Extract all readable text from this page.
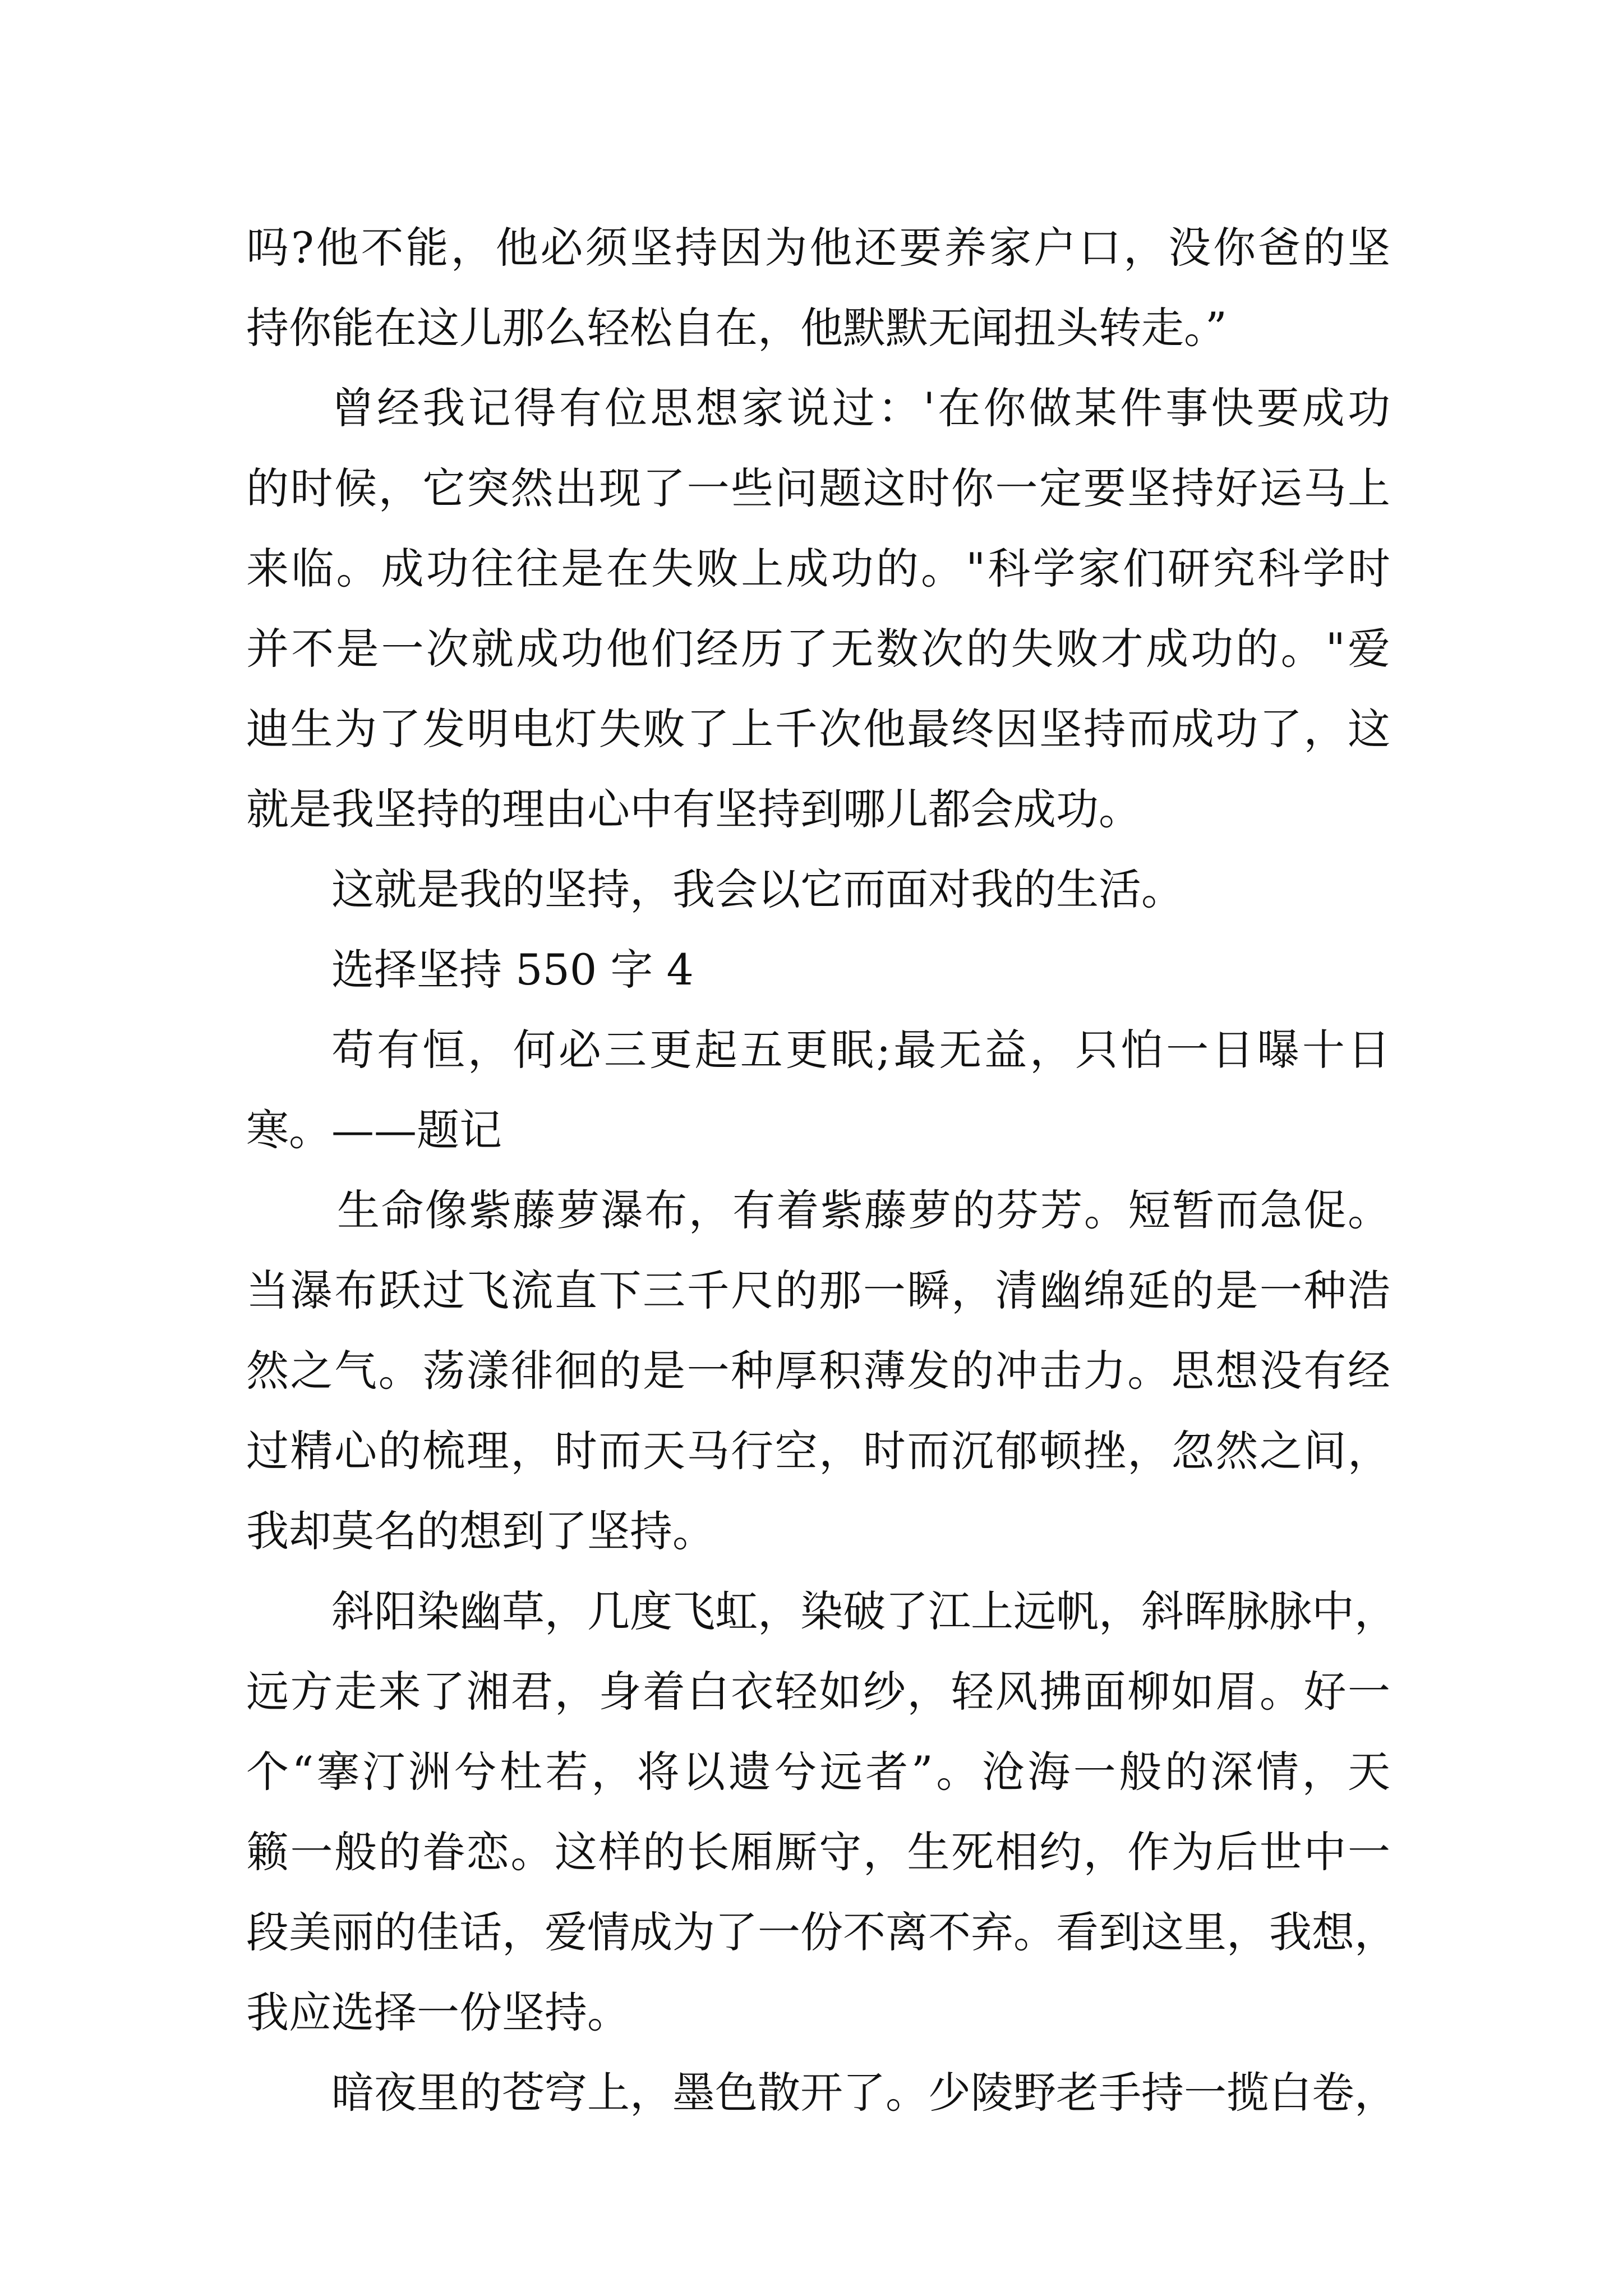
吗?他不能，他必须坚持因为他还要养家户口，没你爸的坚
持你能在这儿那么轻松自在，他默默无闻扭头转走。”
曾经我记得有位思想家说过：'在你做某件事快要成功
的时候，它突然出现了一些问题这时你一定要坚持好运马上
来临。成功往往是在失败上成功的。"科学家们研究科学时
并不是一次就成功他们经历了无数次的失败才成功的。"爱
迪生为了发明电灯失败了上千次他最终因坚持而成功了，这
就是我坚持的理由心中有坚持到哪儿都会成功。
这就是我的坚持，我会以它而面对我的生活。
选择坚持 550 字 4
苟有恒，何必三更起五更眠;最无益，只怕一日曝十日
寒。——题记
生命像紫藤萝瀑布，有着紫藤萝的芬芳。短暂而急促。
当瀑布跃过飞流直下三千尺的那一瞬，清幽绵延的是一种浩
然之气。荡漾徘徊的是一种厚积薄发的冲击力。思想没有经
过精心的梳理，时而天马行空，时而沉郁顿挫，忽然之间，
我却莫名的想到了坚持。
斜阳染幽草，几度飞虹，染破了江上远帆，斜晖脉脉中，
远方走来了湘君，身着白衣轻如纱，轻风拂面柳如眉。好一
个“搴汀洲兮杜若，将以遗兮远者”。沧海一般的深情，天
籁一般的眷恋。这样的长厢厮守，生死相约，作为后世中一
段美丽的佳话，爱情成为了一份不离不弃。看到这里，我想，
我应选择一份坚持。
暗夜里的苍穹上，墨色散开了。少陵野老手持一揽白卷，
